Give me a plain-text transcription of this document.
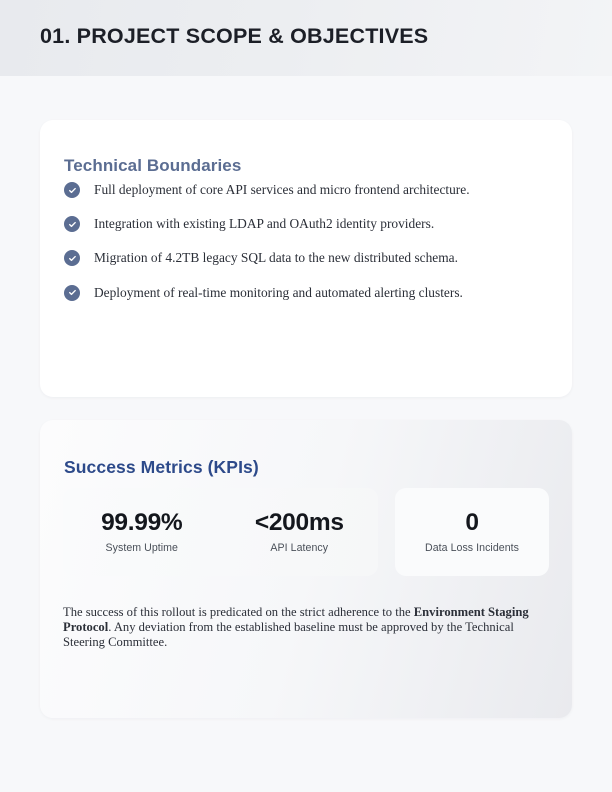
01. PROJECT SCOPE & OBJECTIVES
Technical Boundaries
Full deployment of core API services and micro frontend architecture.
Integration with existing LDAP and OAuth2 identity providers.
Migration of 4.2TB legacy SQL data to the new distributed schema.
Deployment of real-time monitoring and automated alerting clusters.
Success Metrics (KPIs)
99.99%
System Uptime
<200ms
API Latency
0
Data Loss Incidents

The success of this rollout is predicated on the strict adherence to the Environment Staging Protocol. Any deviation from the established baseline must be approved by the Technical Steering Committee.
